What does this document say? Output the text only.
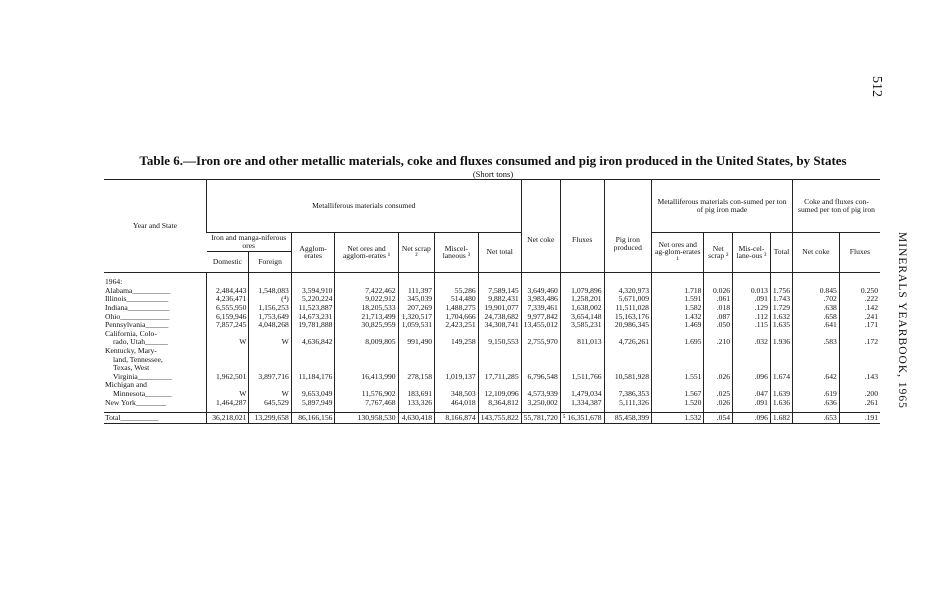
512
MINERALS YEARBOOK, 1965
Table 6.—Iron ore and other metallic materials, coke and fluxes consumed and pig iron produced in the United States, by States
(Short tons)
Year and State	Metalliferous materials consumed							Net coke	Fluxes	Pig iron produced	Metalliferous materials con-sumed per ton of pig iron made				Coke and fluxes con-sumed per ton of pig iron	
	Iron and manga-niferous ores		Agglom-erates	Net ores and agglom-erates ¹	Net scrap ²	Miscel-laneous ³	Net total				Net ores and ag-glom-erates ¹	Net scrap ²	Mis-cel-lane-ous ³	Total	Net coke	Fluxes
	Domestic	Foreign														

1964:																
Alabama__________	2,484,443	1,548,083	3,594,910	7,422,462	111,397	55,286	7,589,145	3,649,460	1,079,896	4,320,973	1.718	0.026	0.013	1.756	0.845	0.250
Illinois___________	4,236,471	(⁴)	5,220,224	9,022,912	345,039	514,480	9,882,431	3,983,486	1,258,201	5,671,009	1.591	.061	.091	1.743	.702	.222
Indiana___________	6,555,950	1,156,253	11,523,887	18,205,533	207,269	1,488,275	19,901,077	7,339,461	1,638,002	11,511,028	1.582	.018	.129	1.729	.638	.142
Ohio_____________	6,159,946	1,753,649	14,673,231	21,713,499	1,320,517	1,704,666	24,738,682	9,977,842	3,654,148	15,163,176	1.432	.087	.112	1.632	.658	.241
Pennsylvania______	7,857,245	4,048,268	19,781,888	30,825,959	1,059,531	2,423,251	34,308,741	13,455,012	3,585,231	20,986,345	1.469	.050	.115	1.635	.641	.171
California, Colo-																
rado, Utah______	W	W	4,636,842	8,009,805	991,490	149,258	9,150,553	2,755,970	811,013	4,726,261	1.695	.210	.032	1.936	.583	.172
Kentucky, Mary-																
land, Tennessee,																
Texas, West																
Virginia_________	1,962,501	3,897,716	11,184,176	16,413,990	278,158	1,019,137	17,711,285	6,796,548	1,511,766	10,581,928	1.551	.026	.096	1.674	.642	.143
Michigan and																
Minnesota_______	W	W	9,653,049	11,576,902	183,691	348,503	12,109,096	4,573,939	1,479,034	7,386,353	1.567	.025	.047	1.639	.619	.200
New York________	1,464,287	645,529	5,897,949	7,767,468	133,326	464,018	8,364,812	3,250,002	1,334,387	5,111,326	1.520	.026	.091	1.636	.636	.261

Total__________	36,218,021	13,299,658	86,166,156	130,958,530	4,630,418	8,166,874	143,755,822	55,781,720	⁵ 16,351,678	85,458,399	1.532	.054	.096	1.682	.653	.191
